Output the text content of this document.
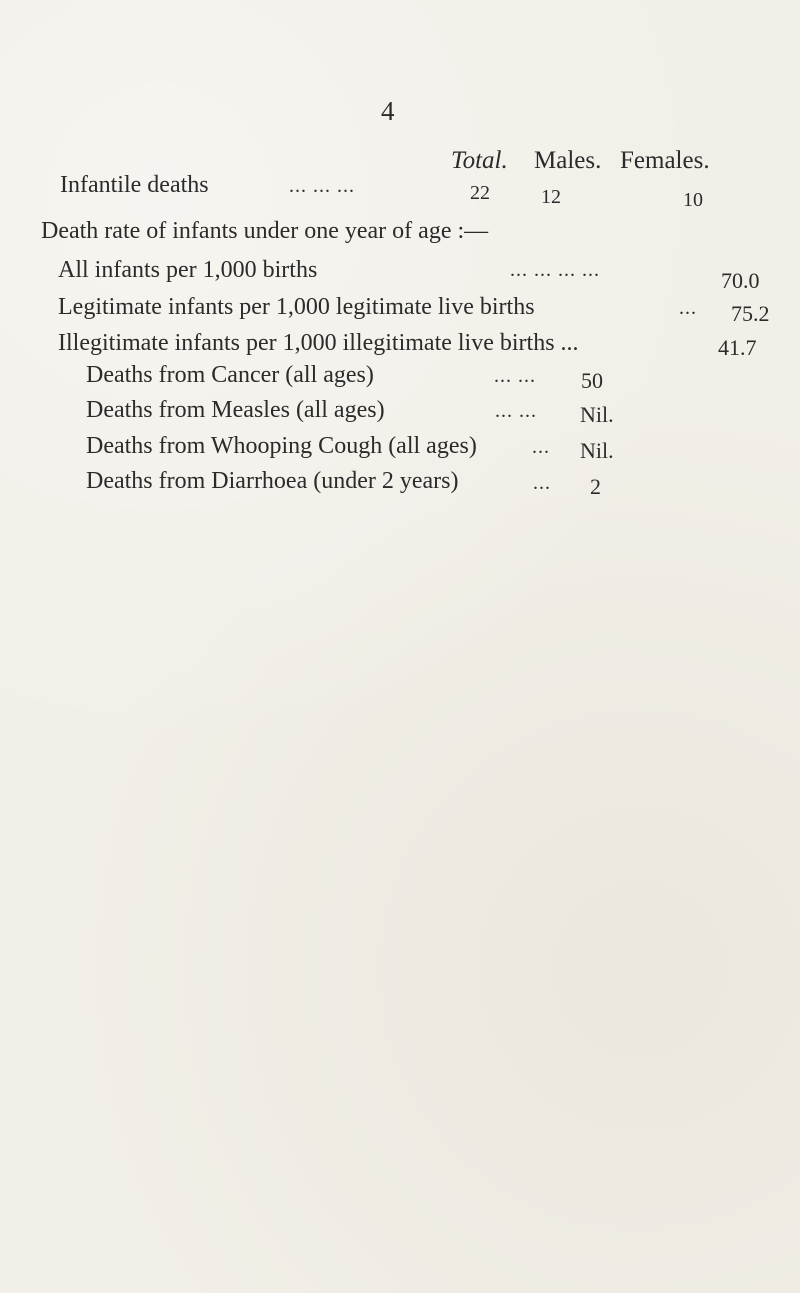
4
Total. Males. Females.
Infantile deaths	... ... ...	22	12	10
Death rate of infants under one year of age :—
All infants per 1,000 births	... ... ... ...	70.0
Legitimate infants per 1,000 legitimate live births	... 75.2
Illegitimate infants per 1,000 illegitimate live births ...	41.7
Deaths from Cancer (all ages)	... ... 50
Deaths from Measles (all ages)	... ... Nil.
Deaths from Whooping Cough (all ages)	... Nil.
Deaths from Diarrhoea (under 2 years)	... 2
